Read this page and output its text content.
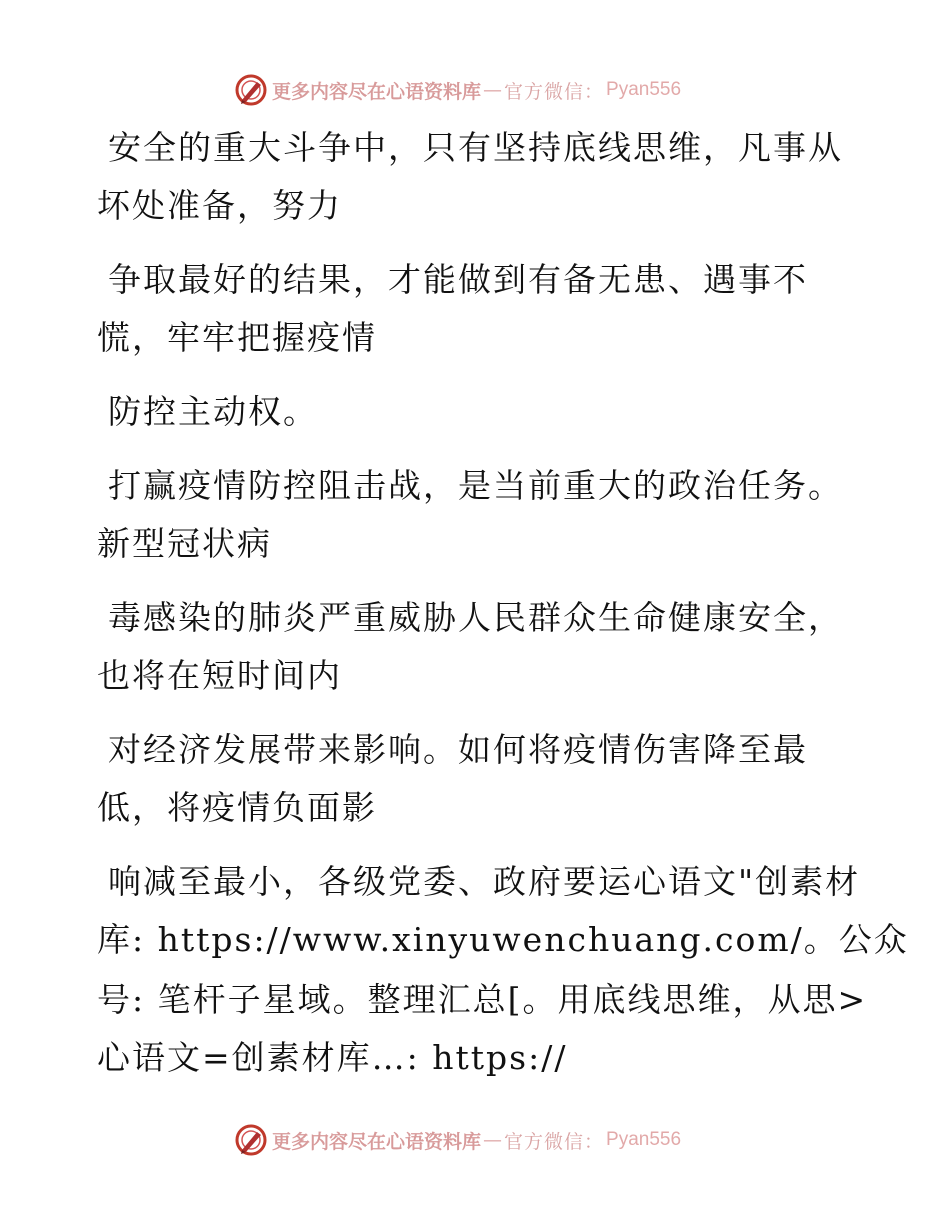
更多内容尽在心语资料库 — 官方微信： Pyan556
安全的重大斗争中，只有坚持底线思维，凡事从
坏处准备，努力
争取最好的结果，才能做到有备无患、遇事不
慌，牢牢把握疫情
防控主动权。
打赢疫情防控阻击战，是当前重大的政治任务。
新型冠状病
毒感染的肺炎严重威胁人民群众生命健康安全，
也将在短时间内
对经济发展带来影响。如何将疫情伤害降至最
低，将疫情负面影
响减至最小，各级党委、政府要运心语文"创素材
库: https://www.xinyuwenchuang.com/。公众
号: 笔杆子星域。整理汇总[。用底线思维，从思>
心语文=创素材库…: https://
更多内容尽在心语资料库 — 官方微信： Pyan556
